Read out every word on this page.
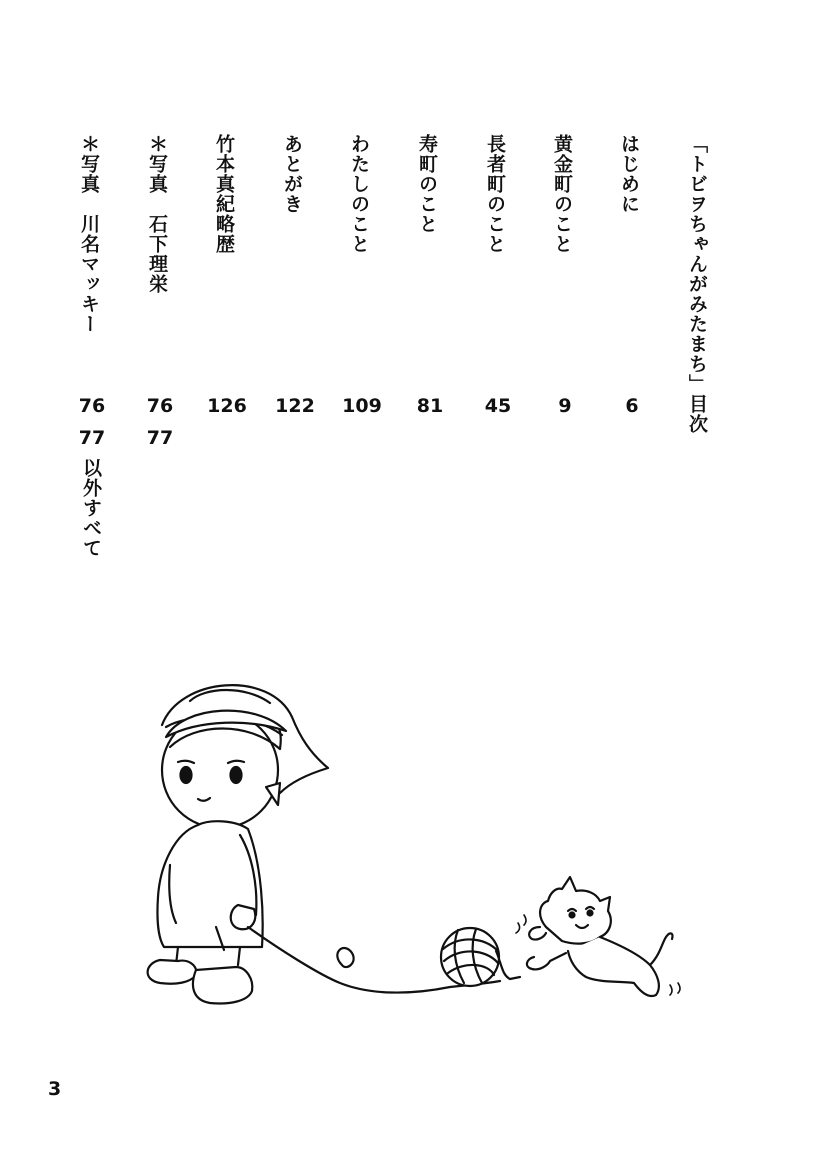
「トビヲちゃんがみたまち」目次
はじめに
6
黄金町のこと
9
長者町のこと
45
寿町のこと
81
わたしのこと
109
あとがき
122
竹本真紀略歴
126
＊写真　石下理栄
76
77
＊写真　川名マッキー
76
77
以外すべて
3
